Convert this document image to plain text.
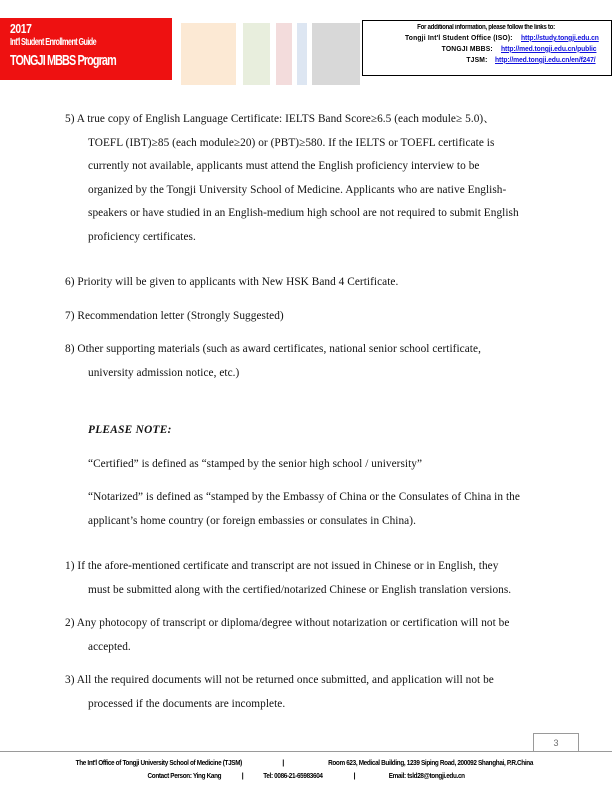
2017
Int'l Student Enrollment Guide
TONGJI MBBS Program
For additional information, please follow the links to:
Tongji Int'l Student Office (ISO): http://study.tongji.edu.cn
TONGJI MBBS: http://med.tongji.edu.cn/public
TJSM: http://med.tongji.edu.cn/en/f247/
5) A true copy of English Language Certificate: IELTS Band Score≥6.5 (each module≥ 5.0)、TOEFL (IBT)≥85 (each module≥20) or (PBT)≥580. If the IELTS or TOEFL certificate is currently not available, applicants must attend the English proficiency interview to be organized by the Tongji University School of Medicine. Applicants who are native English-speakers or have studied in an English-medium high school are not required to submit English proficiency certificates.
6) Priority will be given to applicants with New HSK Band 4 Certificate.
7) Recommendation letter (Strongly Suggested)
8) Other supporting materials (such as award certificates, national senior school certificate, university admission notice, etc.)
PLEASE NOTE:
“Certified” is defined as “stamped by the senior high school / university”
“Notarized” is defined as “stamped by the Embassy of China or the Consulates of China in the applicant’s home country (or foreign embassies or consulates in China).
1) If the afore-mentioned certificate and transcript are not issued in Chinese or in English, they must be submitted along with the certified/notarized Chinese or English translation versions.
2) Any photocopy of transcript or diploma/degree without notarization or certification will not be accepted.
3) All the required documents will not be returned once submitted, and application will not be processed if the documents are incomplete.
3
The Int'l Office of Tongji University School of Medicine (TJSM)	|	Room 623, Medical Building, 1239 Siping Road, 200092 Shanghai, P.R.China
Contact Person: Ying Kang	|	Tel: 0086-21-65983604	|	Email: tsld28@tongji.edu.cn
